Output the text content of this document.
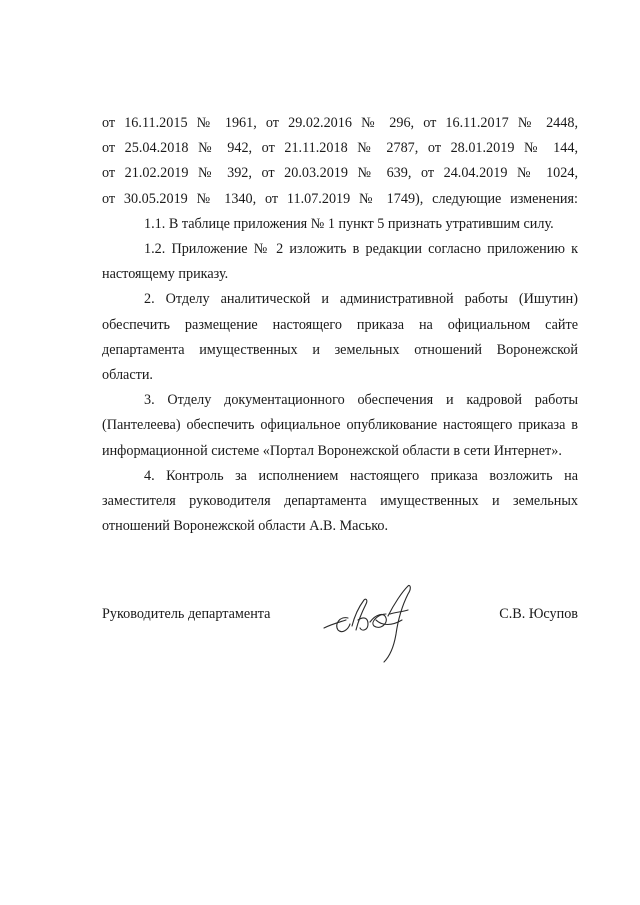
от 16.11.2015 № 1961, от 29.02.2016 № 296, от 16.11.2017 № 2448,
от 25.04.2018 № 942, от 21.11.2018 № 2787, от 28.01.2019 № 144,
от 21.02.2019 № 392, от 20.03.2019 № 639, от 24.04.2019 № 1024,
от 30.05.2019 № 1340, от 11.07.2019 № 1749), следующие изменения:
1.1. В таблице приложения № 1 пункт 5 признать утратившим силу.
1.2. Приложение № 2 изложить в редакции согласно приложению к
настоящему приказу.
2. Отделу аналитической и административной работы (Ишутин)
обеспечить размещение настоящего приказа на официальном сайте
департамента имущественных и земельных отношений Воронежской
области.
3. Отделу документационного обеспечения и кадровой работы
(Пантелеева) обеспечить официальное опубликование настоящего приказа в
информационной системе «Портал Воронежской области в сети Интернет».
4. Контроль за исполнением настоящего приказа возложить на
заместителя руководителя департамента имущественных и земельных
отношений Воронежской области А.В. Масько.
Руководитель департамента	С.В. Юсупов
